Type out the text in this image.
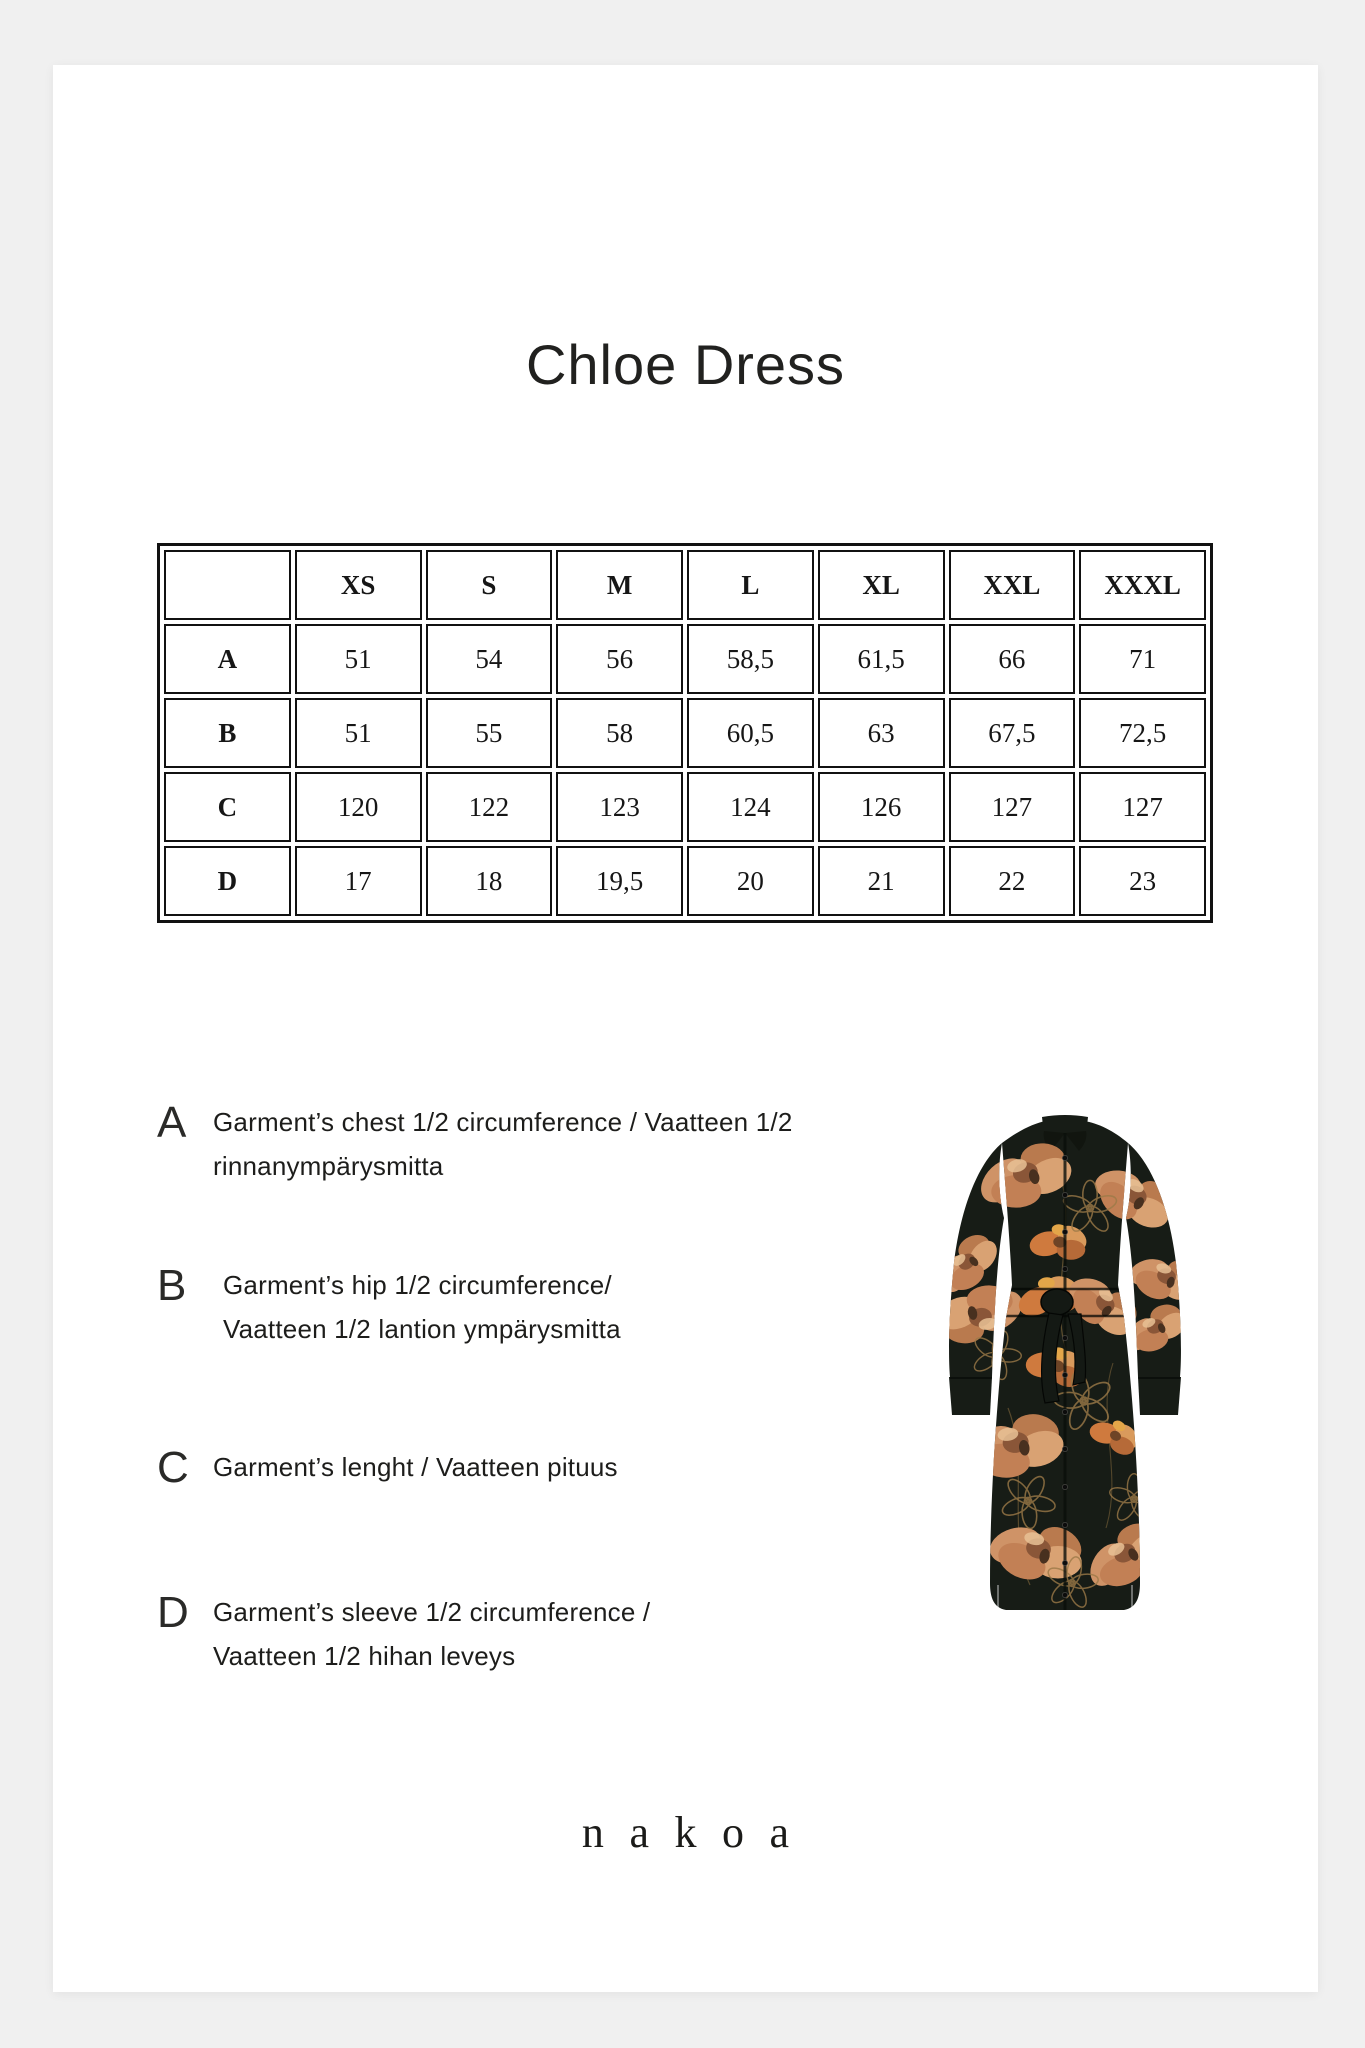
Chloe Dress
	XS	S	M	L	XL	XXL	XXXL
A	51	54	56	58,5	61,5	66	71
B	51	55	58	60,5	63	67,5	72,5
C	120	122	123	124	126	127	127
D	17	18	19,5	20	21	22	23
A	Garment’s chest 1/2 circumference / Vaatteen 1/2
rinnanympärysmitta
B	Garment’s hip 1/2 circumference/
Vaatteen 1/2 lantion ympärysmitta
C Garment’s lenght / Vaatteen pituus
D Garment’s sleeve 1/2 circumference /
Vaatteen 1/2 hihan leveys
nakoa
